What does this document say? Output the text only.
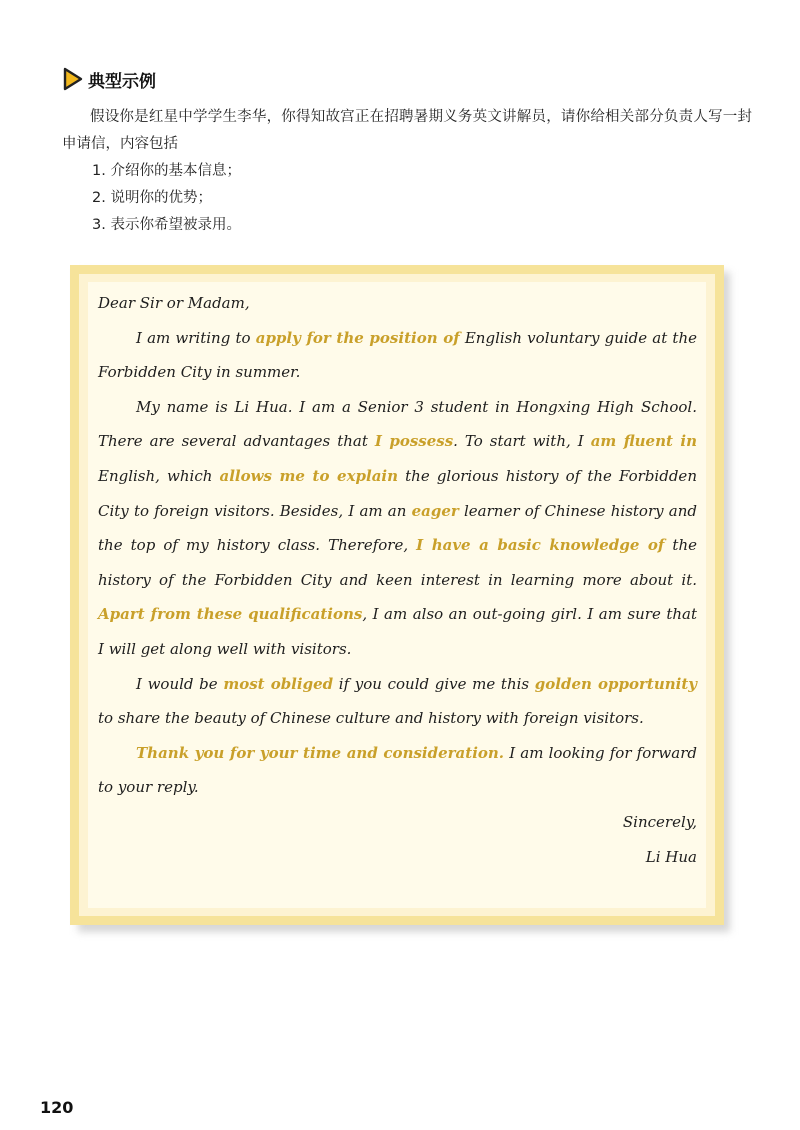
典型示例

假设你是红星中学学生李华，你得知故宫正在招聘暑期义务英文讲解员，请你给相关部分负责人写一封申请信，内容包括

1. 介绍你的基本信息；

2. 说明你的优势；

3. 表示你希望被录用。

Dear Sir or Madam,

I am writing to apply for the position of English voluntary guide at the Forbidden City in summer.

My name is Li Hua. I am a Senior 3 student in Hongxing High School. There are several advantages that I possess. To start with, I am fluent in English, which allows me to explain the glorious history of the Forbidden City to foreign visitors. Besides, I am an eager learner of Chinese history and the top of my history class. Therefore, I have a basic knowledge of the history of the Forbidden City and keen interest in learning more about it. Apart from these qualifications, I am also an out-going girl. I am sure that I will get along well with visitors.

I would be most obliged if you could give me this golden opportunity to share the beauty of Chinese culture and history with foreign visitors.

Thank you for your time and consideration. I am looking for forward to your reply.

Sincerely,

Li Hua

120
